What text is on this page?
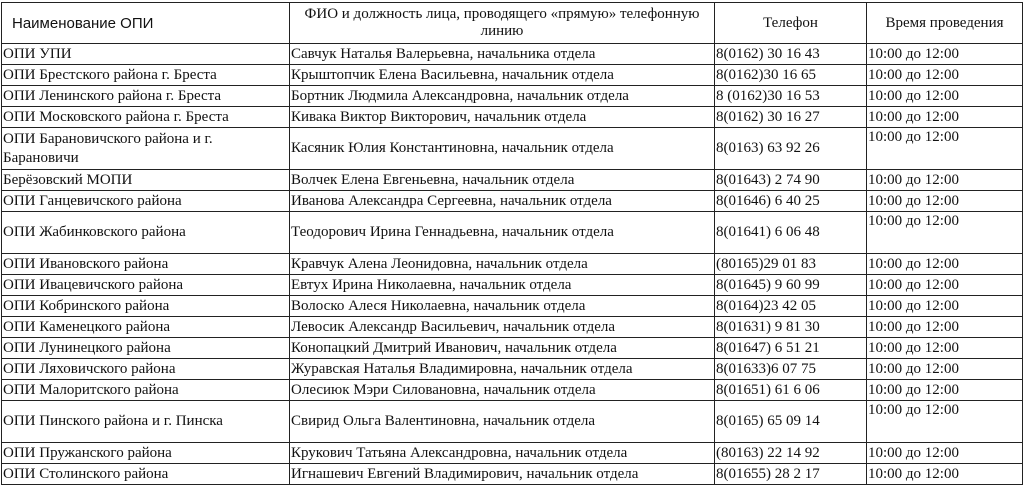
Наименование ОПИ	ФИО и должность лица, проводящего «прямую» телефонную линию	Телефон	Время проведения
ОПИ УПИ	Савчук Наталья Валерьевна, начальника отдела	8(0162) 30 16 43	10:00 до 12:00
ОПИ Брестского района г. Бреста	Крыштопчик Елена Васильевна, начальник отдела	8(0162)30 16 65	10:00 до 12:00
ОПИ Ленинского района г. Бреста	Бортник Людмила Александровна, начальник отдела	8 (0162)30 16 53	10:00 до 12:00
ОПИ Московского района г. Бреста	Кивака Виктор Викторович, начальник отдела	8(0162) 30 16 27	10:00 до 12:00
ОПИ Барановичского района и г. Барановичи	Касяник Юлия Константиновна, начальник отдела	8(0163) 63 92 26	10:00 до 12:00
Берёзовский МОПИ	Волчек Елена Евгеньевна, начальник отдела	8(01643) 2 74 90	10:00 до 12:00
ОПИ Ганцевичского района	Иванова Александра Сергеевна, начальник отдела	8(01646) 6 40 25	10:00 до 12:00
ОПИ Жабинковского района	Теодорович Ирина Геннадьевна, начальник отдела	8(01641) 6 06 48	10:00 до 12:00
ОПИ Ивановского района	Кравчук Алена Леонидовна, начальник отдела	(80165)29 01 83	10:00 до 12:00
ОПИ Ивацевичского района	Евтух Ирина Николаевна, начальник отдела	8(01645) 9 60 99	10:00 до 12:00
ОПИ Кобринского района	Волоско Алеся Николаевна, начальник отдела	8(0164)23 42 05	10:00 до 12:00
ОПИ Каменецкого района	Левосик Александр Васильевич, начальник отдела	8(01631) 9 81 30	10:00 до 12:00
ОПИ Лунинецкого района	Конопацкий Дмитрий Иванович, начальник отдела	8(01647) 6 51 21	10:00 до 12:00
ОПИ Ляховичского района	Журавская Наталья Владимировна, начальник отдела	8(01633)6 07 75	10:00 до 12:00
ОПИ Малоритского района	Олесиюк Мэри Силовановна, начальник отдела	8(01651) 61 6 06	10:00 до 12:00
ОПИ Пинского района и г. Пинска	Свирид Ольга Валентиновна, начальник отдела	8(0165) 65 09 14	10:00 до 12:00
ОПИ Пружанского района	Крукович Татьяна Александровна, начальник отдела	(80163) 22 14 92	10:00 до 12:00
ОПИ Столинского района	Игнашевич Евгений Владимирович, начальник отдела	8(01655) 28 2 17	10:00 до 12:00
